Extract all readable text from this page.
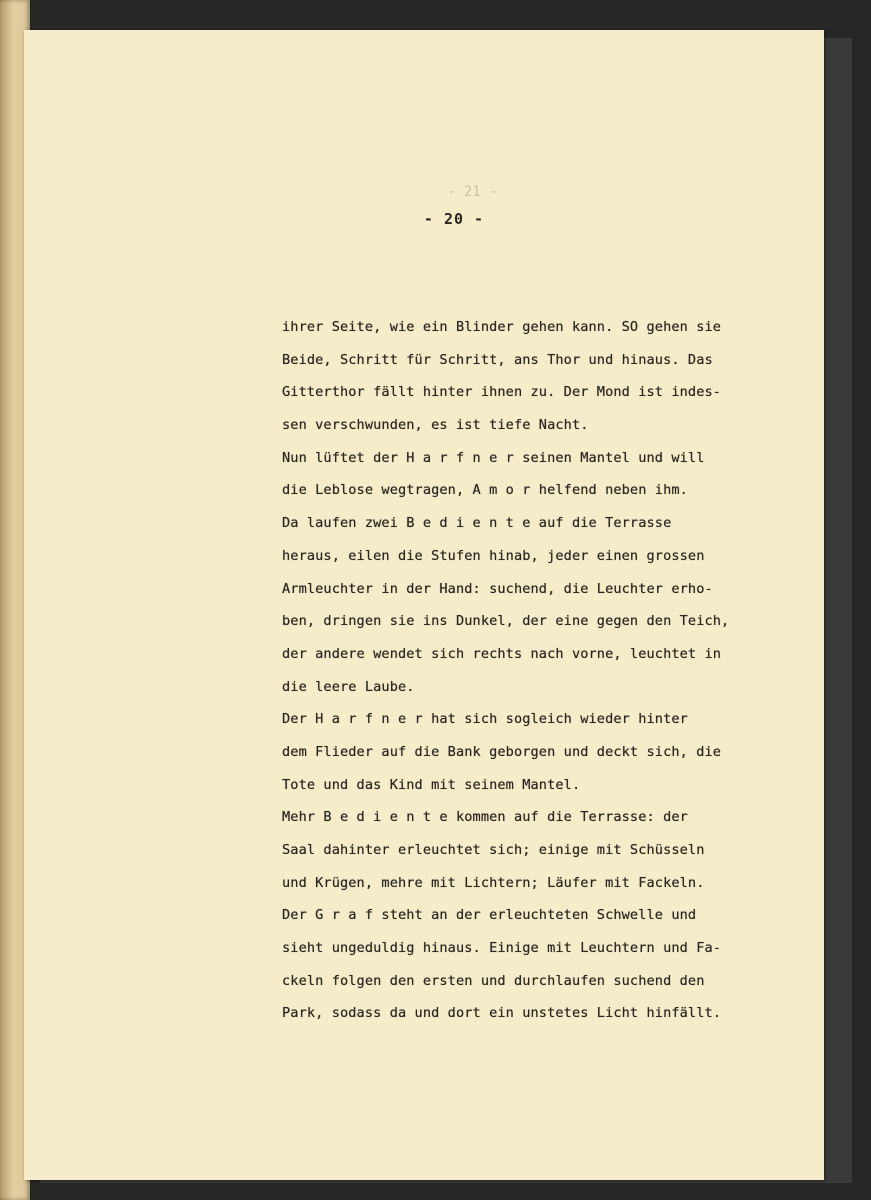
- 21 -
- 20 -
ihrer Seite, wie ein Blinder gehen kann. SO gehen sie
Beide, Schritt für Schritt, ans Thor und hinaus. Das
Gitterthor fällt hinter ihnen zu. Der Mond ist indes-
sen verschwunden, es ist tiefe Nacht.
Nun lüftet der H a r f n e r seinen Mantel und will
die Leblose wegtragen, A m o r helfend neben ihm.
Da laufen zwei B e d i e n t e auf die Terrasse
heraus, eilen die Stufen hinab, jeder einen grossen
Armleuchter in der Hand: suchend, die Leuchter erho-
ben, dringen sie ins Dunkel, der eine gegen den Teich,
der andere wendet sich rechts nach vorne, leuchtet in
die leere Laube.
Der H a r f n e r hat sich sogleich wieder hinter
dem Flieder auf die Bank geborgen und deckt sich, die
Tote und das Kind mit seinem Mantel.
Mehr B e d i e n t e kommen auf die Terrasse: der
Saal dahinter erleuchtet sich; einige mit Schüsseln
und Krügen, mehre mit Lichtern; Läufer mit Fackeln.
Der G r a f steht an der erleuchteten Schwelle und
sieht ungeduldig hinaus. Einige mit Leuchtern und Fa-
ckeln folgen den ersten und durchlaufen suchend den
Park, sodass da und dort ein unstetes Licht hinfällt.
